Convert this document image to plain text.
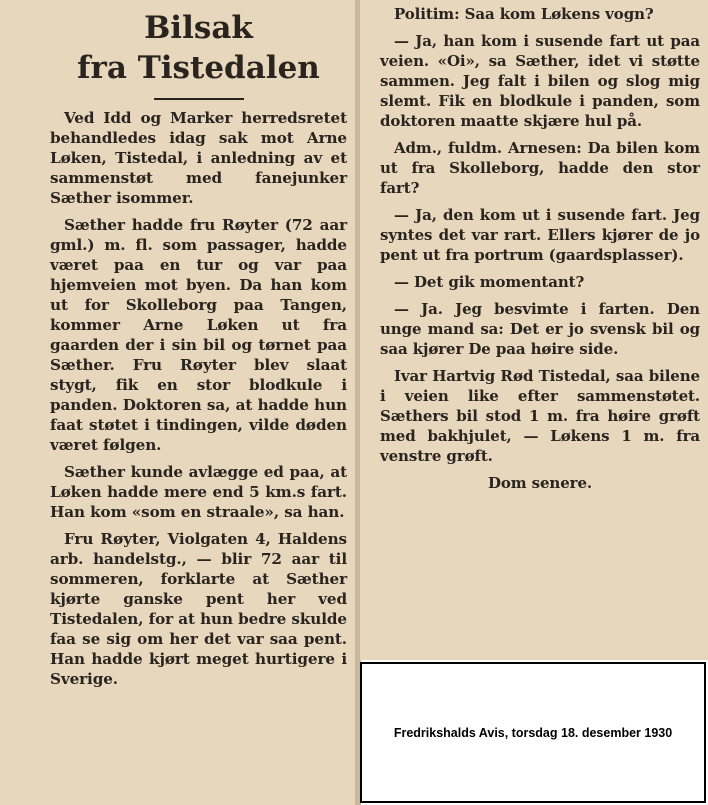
Bilsak
fra Tistedalen

Ved Idd og Marker herredsretet behandledes idag sak mot Arne Løken, Tistedal, i anledning av et sammenstøt med fanejunker Sæther isommer.

Sæther hadde fru Røyter (72 aar gml.) m. fl. som passager, hadde været paa en tur og var paa hjemveien mot byen. Da han kom ut for Skolleborg paa Tangen, kommer Arne Løken ut fra gaarden der i sin bil og tørnet paa Sæther. Fru Røyter blev slaat stygt, fik en stor blodkule i panden. Doktoren sa, at hadde hun faat støtet i tindingen, vilde døden været følgen.

Sæther kunde avlægge ed paa, at Løken hadde mere end 5 km.s fart. Han kom «som en straale», sa han.

Fru Røyter, Violgaten 4, Haldens arb. handelstg., — blir 72 aar til sommeren, forklarte at Sæther kjørte ganske pent her ved Tistedalen, for at hun bedre skulde faa se sig om her det var saa pent. Han hadde kjørt meget hurtigere i Sverige.

Politim: Saa kom Løkens vogn?

— Ja, han kom i susende fart ut paa veien. «Oi», sa Sæther, idet vi støtte sammen. Jeg falt i bilen og slog mig slemt. Fik en blodkule i panden, som doktoren maatte skjære hul på.

Adm., fuldm. Arnesen: Da bilen kom ut fra Skolleborg, hadde den stor fart?

— Ja, den kom ut i susende fart. Jeg syntes det var rart. Ellers kjører de jo pent ut fra portrum (gaardsplasser).

— Det gik momentant?

— Ja. Jeg besvimte i farten. Den unge mand sa: Det er jo svensk bil og saa kjører De paa høire side.

Ivar Hartvig Rød Tistedal, saa bilene i veien like efter sammenstøtet. Sæthers bil stod 1 m. fra høire grøft med bakhjulet, — Løkens 1 m. fra venstre grøft.

Dom senere.

Fredrikshalds Avis, torsdag 18. desember 1930
